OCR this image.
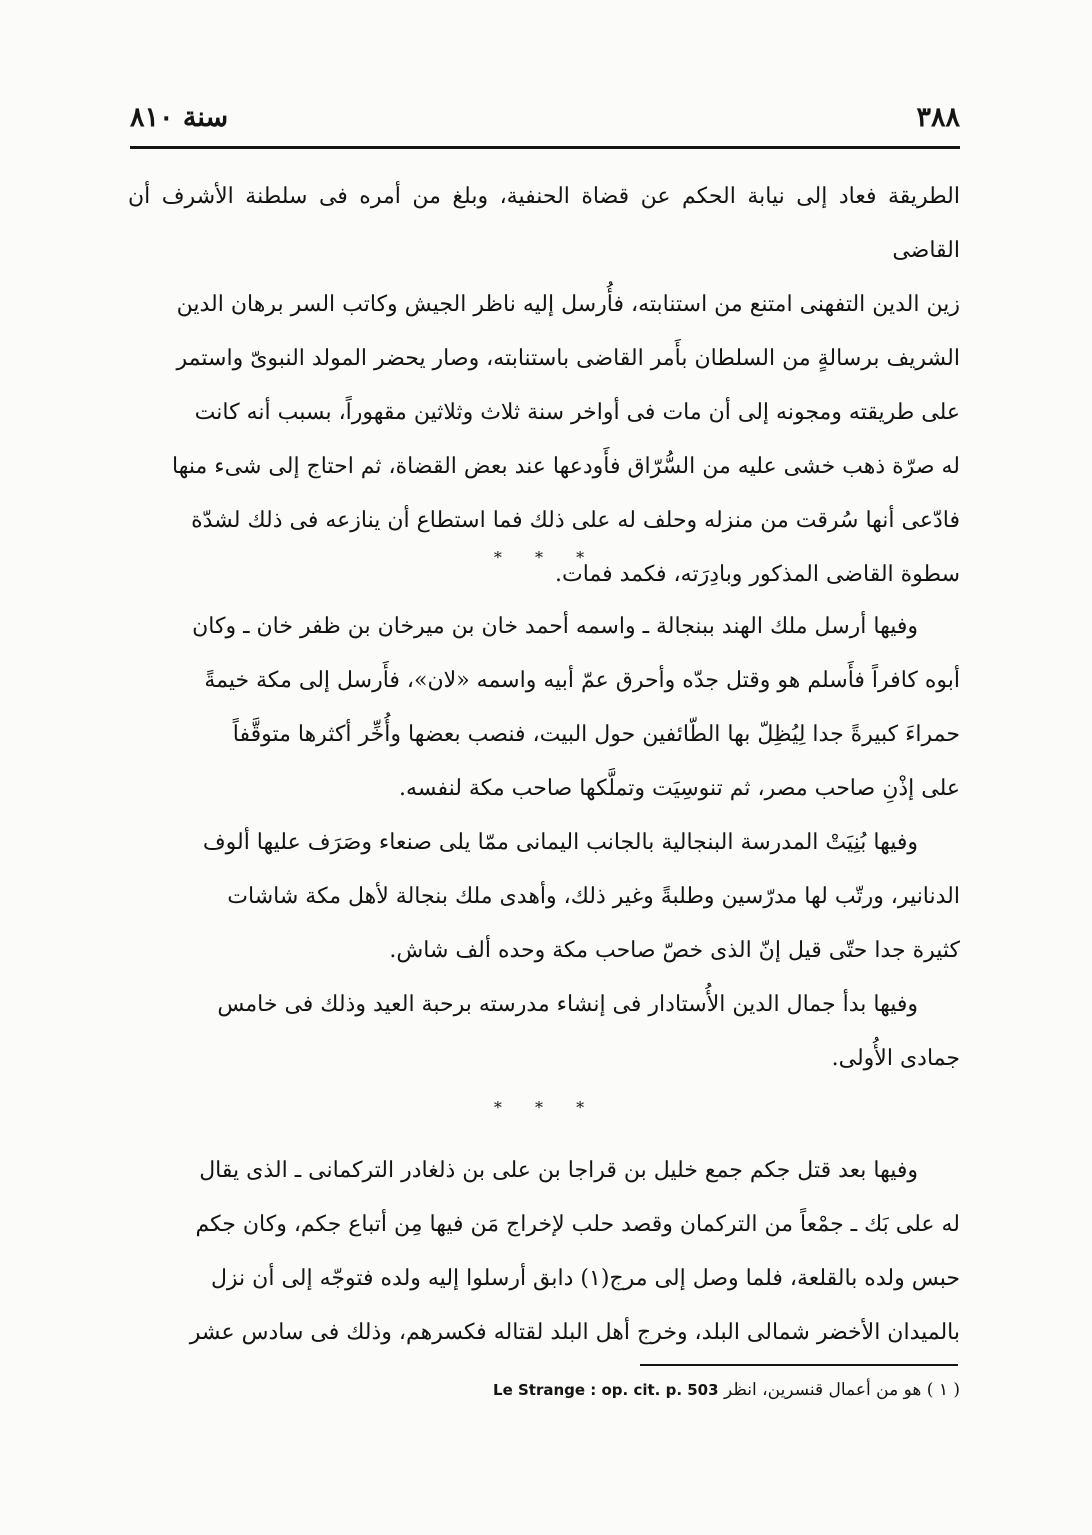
٣٨٨
سنة ٨١٠

الطريقة فعاد إلى نيابة الحكم عن قضاة الحنفية، وبلغ من أمره فى سلطنة الأشرف أن القاضى

زين الدين التفهنى امتنع من استنابته، فأُرسل إليه ناظر الجيش وكاتب السر برهان الدين

الشريف برسالةٍ من السلطان بأَمر القاضى باستنابته، وصار يحضر المولد النبوىّ واستمر

على طريقته ومجونه إلى أن مات فى أواخر سنة ثلاث وثلاثين مقهوراً، بسبب أنه كانت

له صرّة ذهب خشى عليه من السُّرّاق فأَودعها عند بعض القضاة، ثم احتاج إلى شىء منها

فادّعى أنها سُرقت من منزله وحلف له على ذلك فما استطاع أن ينازعه فى ذلك لشدّة

سطوة القاضى المذكور وبادِرَته، فكمد فمات.

* * *

وفيها أرسل ملك الهند ببنجالة ـ واسمه أحمد خان بن ميرخان بن ظفر خان ـ وكان

أبوه كافراً فأَسلم هو وقتل جدّه وأحرق عمّ أبيه واسمه «لان»، فأَرسل إلى مكة خيمةً

حمراءَ كبيرةً جدا لِيُظِلّ بها الطّائفين حول البيت، فنصب بعضها وأُخِّر أكثرها متوقَّفاً

على إذْنِ صاحب مصر، ثم تنوسِيَت وتملَّكها صاحب مكة لنفسه.

وفيها بُنِيَتْ المدرسة البنجالية بالجانب اليمانى ممّا يلى صنعاء وصَرَف عليها ألوف

الدنانير، ورتّب لها مدرّسين وطلبةً وغير ذلك، وأهدى ملك بنجالة لأهل مكة شاشات

كثيرة جدا حتّى قيل إنّ الذى خصّ صاحب مكة وحده ألف شاش.

وفيها بدأ جمال الدين الأُستادار فى إنشاء مدرسته برحبة العيد وذلك فى خامس

جمادى الأُولى.

* * *

وفيها بعد قتل جكم جمع خليل بن قراجا بن على بن ذلغادر التركمانى ـ الذى يقال

له على بَك ـ جمْعاً من التركمان وقصد حلب لإخراج مَن فيها مِن أتباع جكم، وكان جكم

حبس ولده بالقلعة، فلما وصل إلى مرج(١) دابق أرسلوا إليه ولده فتوجّه إلى أن نزل

بالميدان الأخضر شمالى البلد، وخرج أهل البلد لقتاله فكسرهم، وذلك فى سادس عشر

( ١ ) هو من أعمال قنسرين، انظر Le Strange : op. cit. p. 503
